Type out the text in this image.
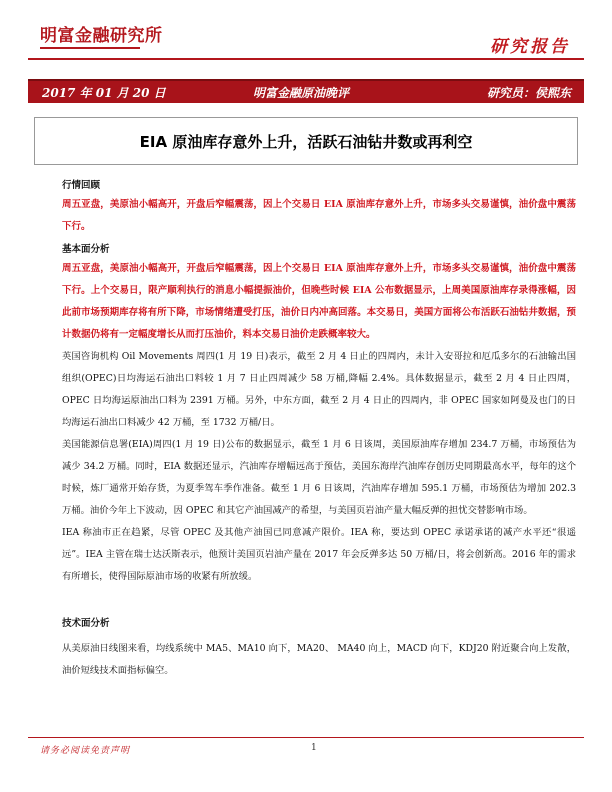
明富金融研究所
研究报告
2017 年 01 月 20 日	明富金融原油晚评	研究员：侯熙东
EIA 原油库存意外上升，活跃石油钻井数或再利空
行情回顾

周五亚盘，美原油小幅高开，开盘后窄幅震荡，因上个交易日 EIA 原油库存意外上升，市场多头交易谨慎，油价盘中震荡下行。

基本面分析

周五亚盘，美原油小幅高开，开盘后窄幅震荡，因上个交易日 EIA 原油库存意外上升，市场多头交易谨慎，油价盘中震荡下行。上个交易日，限产顺利执行的消息小幅提振油价，但晚些时候 EIA 公布数据显示，上周美国原油库存录得涨幅，因此前市场预期库存将有所下降，市场情绪遭受打压，油价日内冲高回落。本交易日，美国方面将公布活跃石油钻井数据，预计数据仍将有一定幅度增长从而打压油价，料本交易日油价走跌概率较大。

英国咨询机构 Oil Movements 周四(1 月 19 日)表示，截至 2 月 4 日止的四周内，未计入安哥拉和厄瓜多尔的石油输出国组织(OPEC)日均海运石油出口料较 1 月 7 日止四周减少 58 万桶,降幅 2.4%。具体数据显示，截至 2 月 4 日止四周，OPEC 日均海运原油出口料为 2391 万桶。另外，中东方面，截至 2 月 4 日止的四周内，非 OPEC 国家如阿曼及也门的日均海运石油出口料减少 42 万桶，至 1732 万桶/日。

美国能源信息署(EIA)周四(1 月 19 日)公布的数据显示，截至 1 月 6 日该周，美国原油库存增加 234.7 万桶，市场预估为减少 34.2 万桶。同时，EIA 数据还显示，汽油库存增幅远高于预估，美国东海岸汽油库存创历史同期最高水平，每年的这个时候，炼厂通常开始存货，为夏季驾车季作准备。截至 1 月 6 日该周，汽油库存增加 595.1 万桶，市场预估为增加 202.3 万桶。油价今年上下波动，因 OPEC 和其它产油国减产的希望，与美国页岩油产量大幅反弹的担忧交替影响市场。

IEA 称油市正在趋紧，尽管 OPEC 及其他产油国已同意减产限价。IEA 称，要达到 OPEC 承诺承诺的减产水平还“很遥远”。IEA 主管在瑞士达沃斯表示，他预计美国页岩油产量在 2017 年会反弹多达 50 万桶/日，将会创新高。2016 年的需求有所增长，使得国际原油市场的收紧有所放缓。

技术面分析

从美原油日线图来看，均线系统中 MA5、MA10 向下，MA20、 MA40 向上，MACD 向下，KDJ20 附近聚合向上发散，油价短线技术面指标偏空。

请务必阅读免责声明	1
